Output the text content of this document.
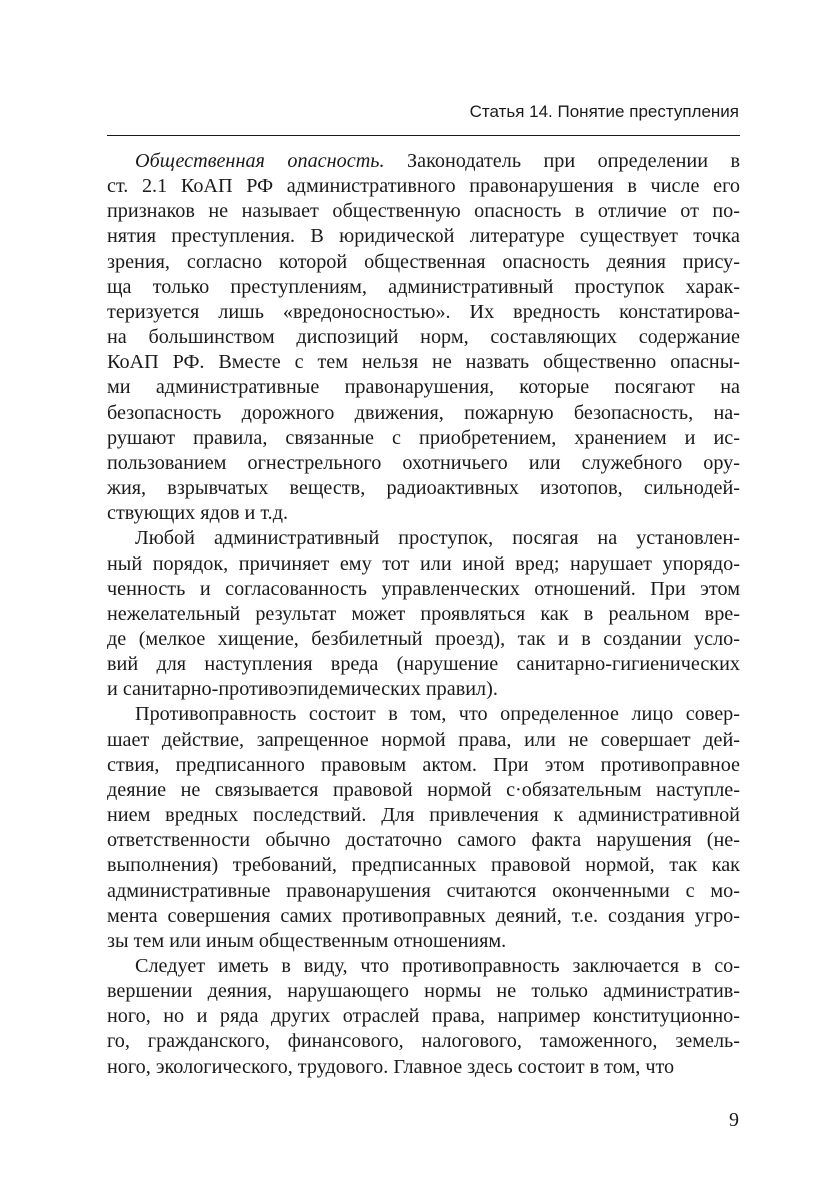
Статья 14. Понятие преступления
Общественная опасность. Законодатель при определении в
ст. 2.1 КоАП РФ административного правонарушения в числе его
признаков не называет общественную опасность в отличие от по-
нятия преступления. В юридической литературе существует точка
зрения, согласно которой общественная опасность деяния прису-
ща только преступлениям, административный проступок харак-
теризуется лишь «вредоносностью». Их вредность констатирова-
на большинством диспозиций норм, составляющих содержание
КоАП РФ. Вместе с тем нельзя не назвать общественно опасны-
ми административные правонарушения, которые посягают на
безопасность дорожного движения, пожарную безопасность, на-
рушают правила, связанные с приобретением, хранением и ис-
пользованием огнестрельного охотничьего или служебного ору-
жия, взрывчатых веществ, радиоактивных изотопов, сильнодей-
ствующих ядов и т.д.
Любой административный проступок, посягая на установлен-
ный порядок, причиняет ему тот или иной вред; нарушает упорядо-
ченность и согласованность управленческих отношений. При этом
нежелательный результат может проявляться как в реальном вре-
де (мелкое хищение, безбилетный проезд), так и в создании усло-
вий для наступления вреда (нарушение санитарно-гигиенических
и санитарно-противоэпидемических правил).
Противоправность состоит в том, что определенное лицо совер-
шает действие, запрещенное нормой права, или не совершает дей-
ствия, предписанного правовым актом. При этом противоправное
деяние не связывается правовой нормой с·обязательным наступле-
нием вредных последствий. Для привлечения к административной
ответственности обычно достаточно самого факта нарушения (не-
выполнения) требований, предписанных правовой нормой, так как
административные правонарушения считаются оконченными с мо-
мента совершения самих противоправных деяний, т.е. создания угро-
зы тем или иным общественным отношениям.
Следует иметь в виду, что противоправность заключается в со-
вершении деяния, нарушающего нормы не только административ-
ного, но и ряда других отраслей права, например конституционно-
го, гражданского, финансового, налогового, таможенного, земель-
ного, экологического, трудового. Главное здесь состоит в том, что
9
